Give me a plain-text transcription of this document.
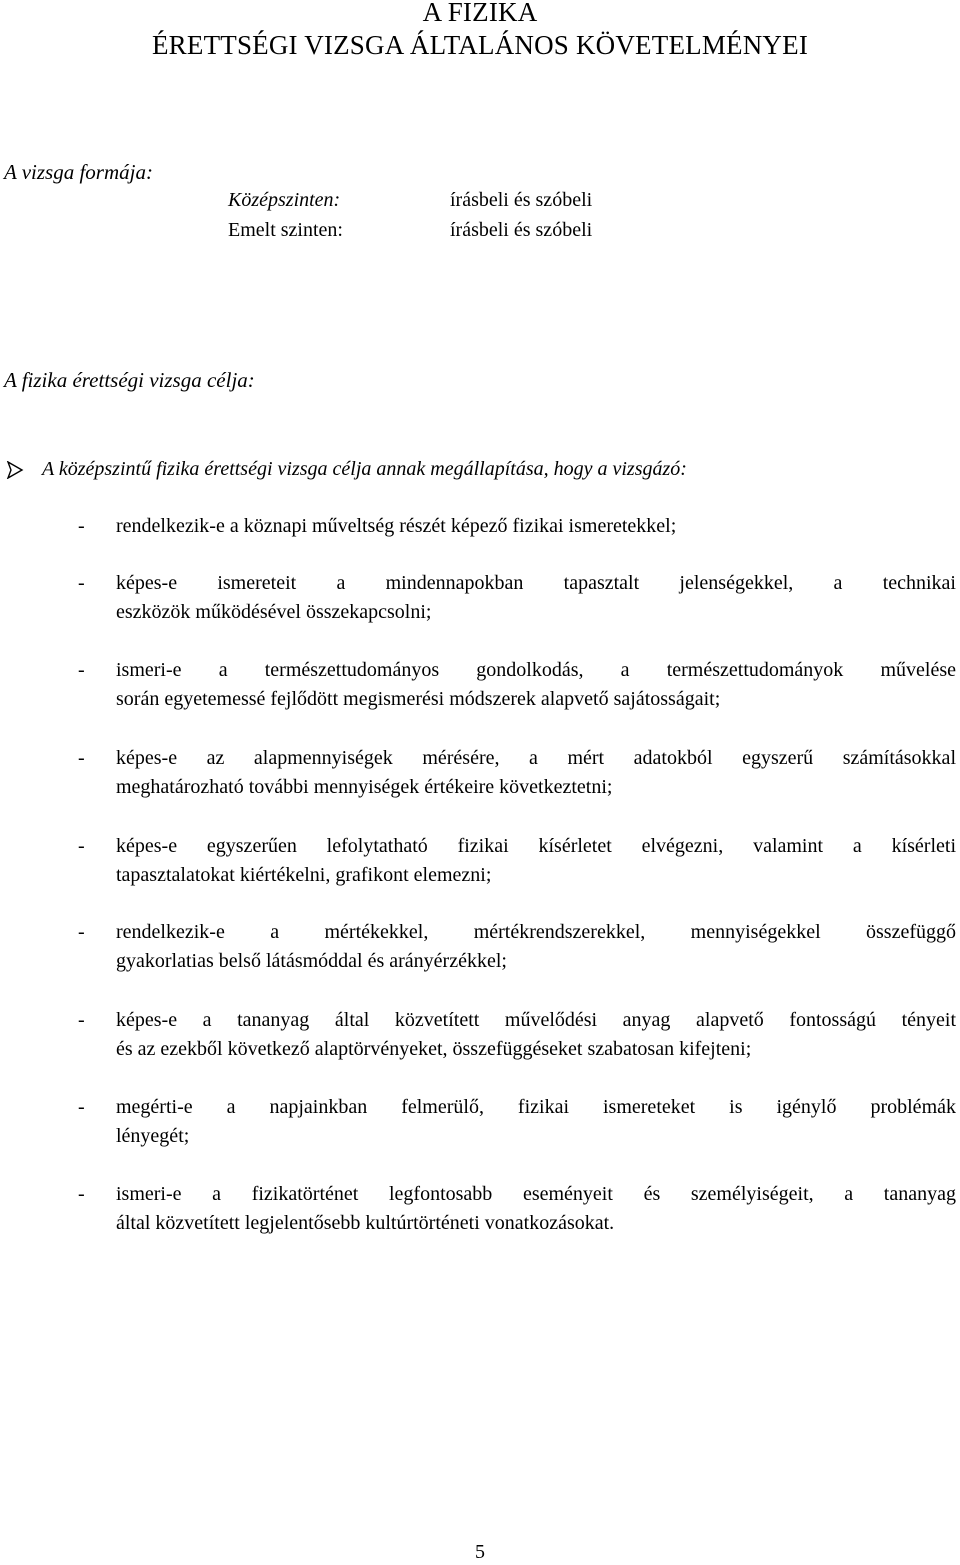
A FIZIKA
ÉRETTSÉGI VIZSGA ÁLTALÁNOS KÖVETELMÉNYEI
A vizsga formája:
Középszinten:	írásbeli és szóbeli
Emelt szinten:	írásbeli és szóbeli
A fizika érettségi vizsga célja:
A középszintű fizika érettségi vizsga célja annak megállapítása, hogy a vizsgázó:
- rendelkezik-e a köznapi műveltség részét képező fizikai ismeretekkel;
- képes-e ismereteit a mindennapokban tapasztalt jelenségekkel, a technikai
eszközök működésével összekapcsolni;
- ismeri-e a természettudományos gondolkodás, a természettudományok művelése
során egyetemessé fejlődött megismerési módszerek alapvető sajátosságait;
- képes-e az alapmennyiségek mérésére, a mért adatokból egyszerű számításokkal
meghatározható további mennyiségek értékeire következtetni;
- képes-e egyszerűen lefolytatható fizikai kísérletet elvégezni, valamint a kísérleti
tapasztalatokat kiértékelni, grafikont elemezni;
- rendelkezik-e a mértékekkel, mértékrendszerekkel, mennyiségekkel összefüggő
gyakorlatias belső látásmóddal és arányérzékkel;
- képes-e a tananyag által közvetített művelődési anyag alapvető fontosságú tényeit
és az ezekből következő alaptörvényeket, összefüggéseket szabatosan kifejteni;
- megérti-e a napjainkban felmerülő, fizikai ismereteket is igénylő problémák
lényegét;
- ismeri-e a fizikatörténet legfontosabb eseményeit és személyiségeit, a tananyag
által közvetített legjelentősebb kultúrtörténeti vonatkozásokat.
5
